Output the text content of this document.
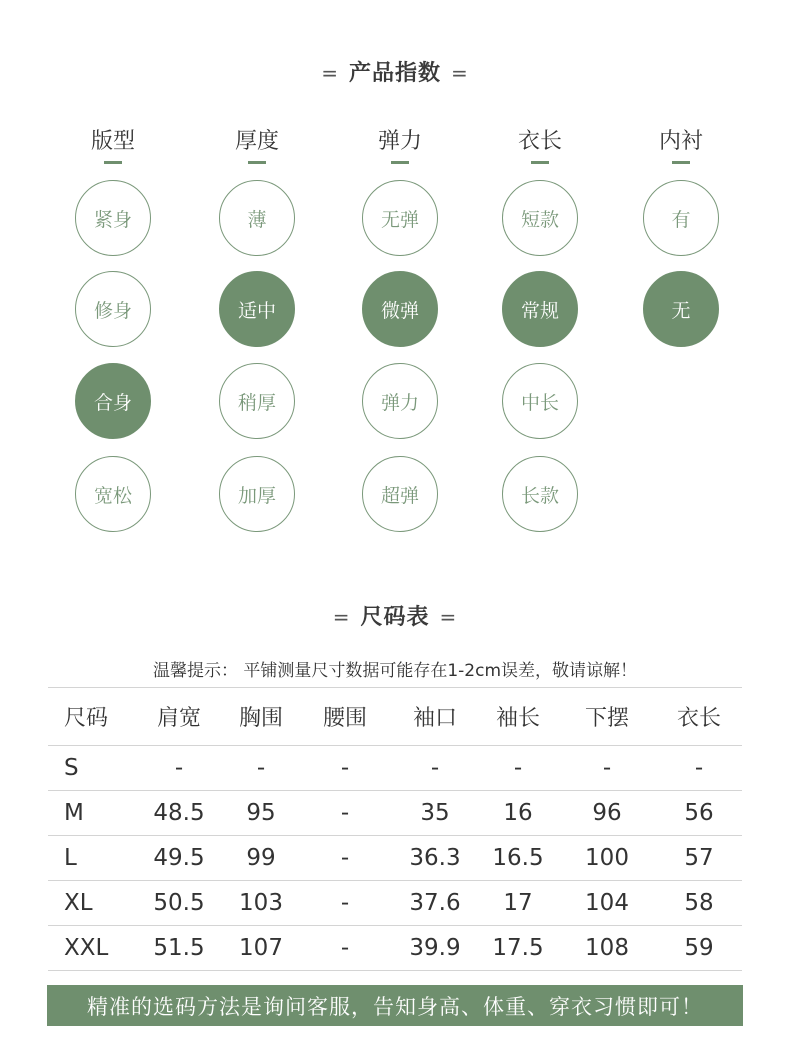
= 产品指数 =
版型
紧身
修身
合身
宽松
厚度
薄
适中
稍厚
加厚
弹力
无弹
微弹
弹力
超弹
衣长
短款
常规
中长
长款
内衬
有
无
= 尺码表 =
温馨提示： 平铺测量尺寸数据可能存在1-2cm误差，敬请谅解！
尺码	肩宽	胸围	腰围	袖口	袖长	下摆	衣长
S	-	-	-	-	-	-	-
M	48.5	95	-	35	16	96	56
L	49.5	99	-	36.3	16.5	100	57
XL	50.5	103	-	37.6	17	104	58
XXL	51.5	107	-	39.9	17.5	108	59
精准的选码方法是询问客服，告知身高、体重、穿衣习惯即可！
